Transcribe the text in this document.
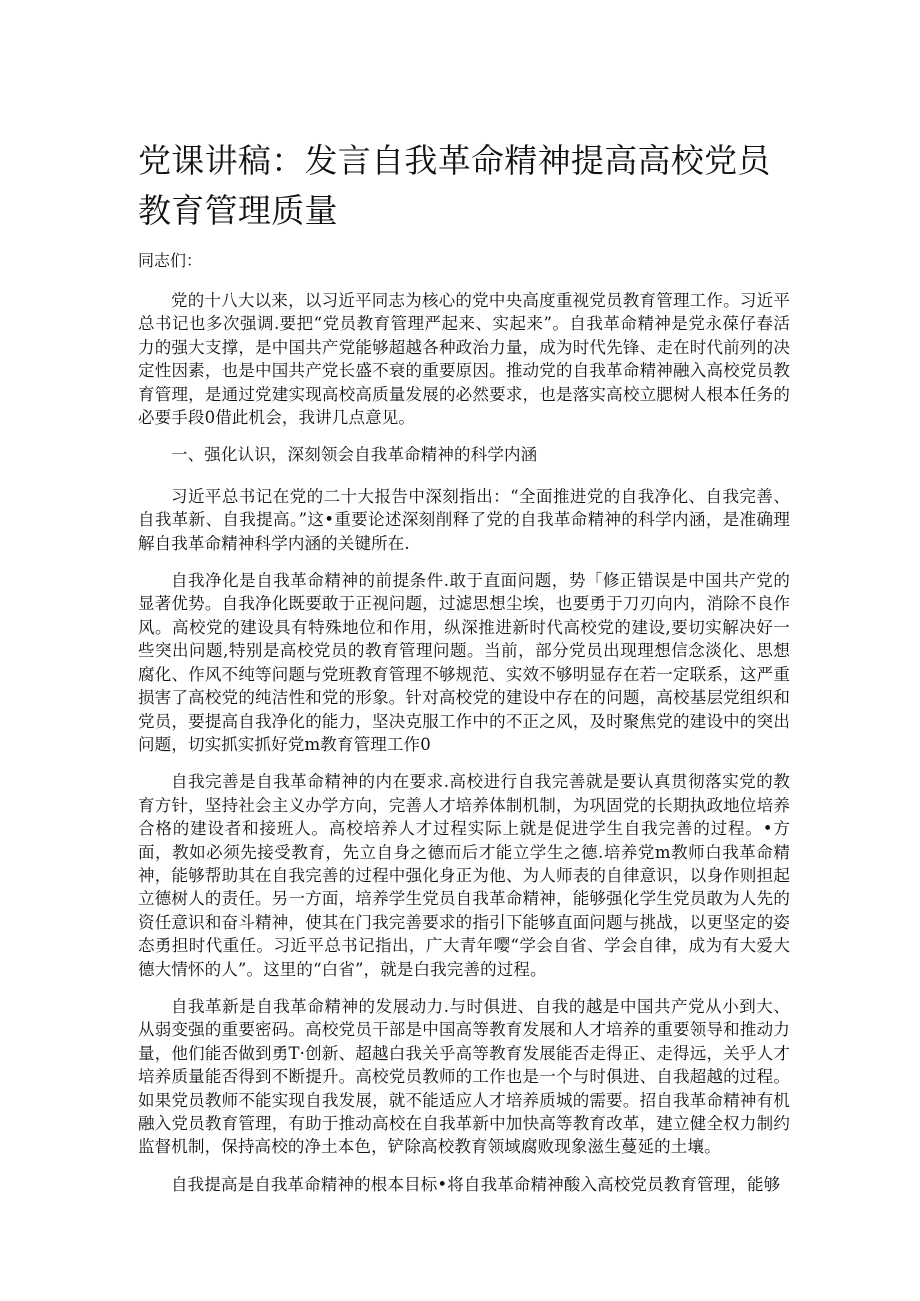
党课讲稿：发言自我革命精神提高高校党员教育管理质量

同志们：

党的十八大以来，以习近平同志为核心的党中央高度重视党员教育管理工作。习近平总书记也多次强调.要把“党员教育管理严起来、实起来”。自我革命精神是党永葆仔春活力的强大支撑，是中国共产党能够超越各种政治力量，成为时代先锋、走在时代前列的决定性因素，也是中国共产党长盛不衰的重要原因。推动党的自我革命精神融入高校党员教育管理，是通过党建实现高校高质量发展的必然要求，也是落实高校立腮树人根本任务的必要手段0借此机会，我讲几点意见。

一、强化认识，深刻领会自我革命精神的科学内涵

习近平总书记在党的二十大报告中深刻指出：“全面推进党的自我净化、自我完善、自我革新、自我提高。”这•重要论述深刻削释了党的自我革命精神的科学内涵，是准确理解自我革命精神科学内涵的关键所在.

自我净化是自我革命精神的前提条件.敢于直面问题，势「修正错误是中国共产党的显著优势。自我净化既要敢于正视问题，过滤思想尘埃，也要勇于刀刃向内，消除不良作风。高校党的建设具有特殊地位和作用，纵深推进新时代高校党的建设,要切实解决好一些突出问题,特别是高校党员的教育管理问题。当前，部分党员出现理想信念淡化、思想腐化、作风不纯等问题与党班教育管理不够规范、实效不够明显存在若一定联系，这严重损害了高校党的纯洁性和党的形象。针对高校党的建设中存在的问题，高校基层党组织和党员，要提高自我净化的能力，坚决克服工作中的不正之风，及时聚焦党的建设中的突出问题，切实抓实抓好党m教育管理工作0

自我完善是自我革命精神的内在要求.高校进行自我完善就是要认真贯彻落实党的教育方针，坚持社会主义办学方向，完善人才培养体制机制，为巩固党的长期执政地位培养合格的建设者和接班人。高校培养人才过程实际上就是促进学生自我完善的过程。•方面，教如必须先接受教育，先立自身之德而后才能立学生之德.培养党m教师白我革命精神，能够帮助其在自我完善的过程中强化身正为他、为人师表的自律意识，以身作则担起立德树人的责任。另一方面，培养学生党员自我革命精神，能够强化学生党员敢为人先的资任意识和奋斗精神，使其在门我完善要求的指引下能够直面问题与挑战，以更坚定的姿态勇担时代重任。习近平总书记指出，广大青年嘤“学会自省、学会自律，成为有大爱大德大情怀的人”。这里的“白省”，就是白我完善的过程。

自我革新是自我革命精神的发展动力.与时俱进、自我的越是中国共产党从小到大、从弱变强的重要密码。高校党员干部是中国高等教育发展和人才培养的重要领导和推动力量，他们能否做到勇T·创新、超越白我关乎高等教育发展能否走得正、走得远，关乎人才培养质量能否得到不断提升。高校党员教师的工作也是一个与时俱进、自我超越的过程。如果党员教师不能实现自我发展，就不能适应人才培养质城的需要。招自我革命精神有机融入党员教育管理，有助于推动高校在自我革新中加快高等教育改革，建立健全权力制约监督机制，保持高校的净土本色，铲除高校教育领域腐败现象滋生蔓延的土壤。

自我提高是自我革命精神的根本目标•将自我革命精神酸入高校党员教育管理，能够
